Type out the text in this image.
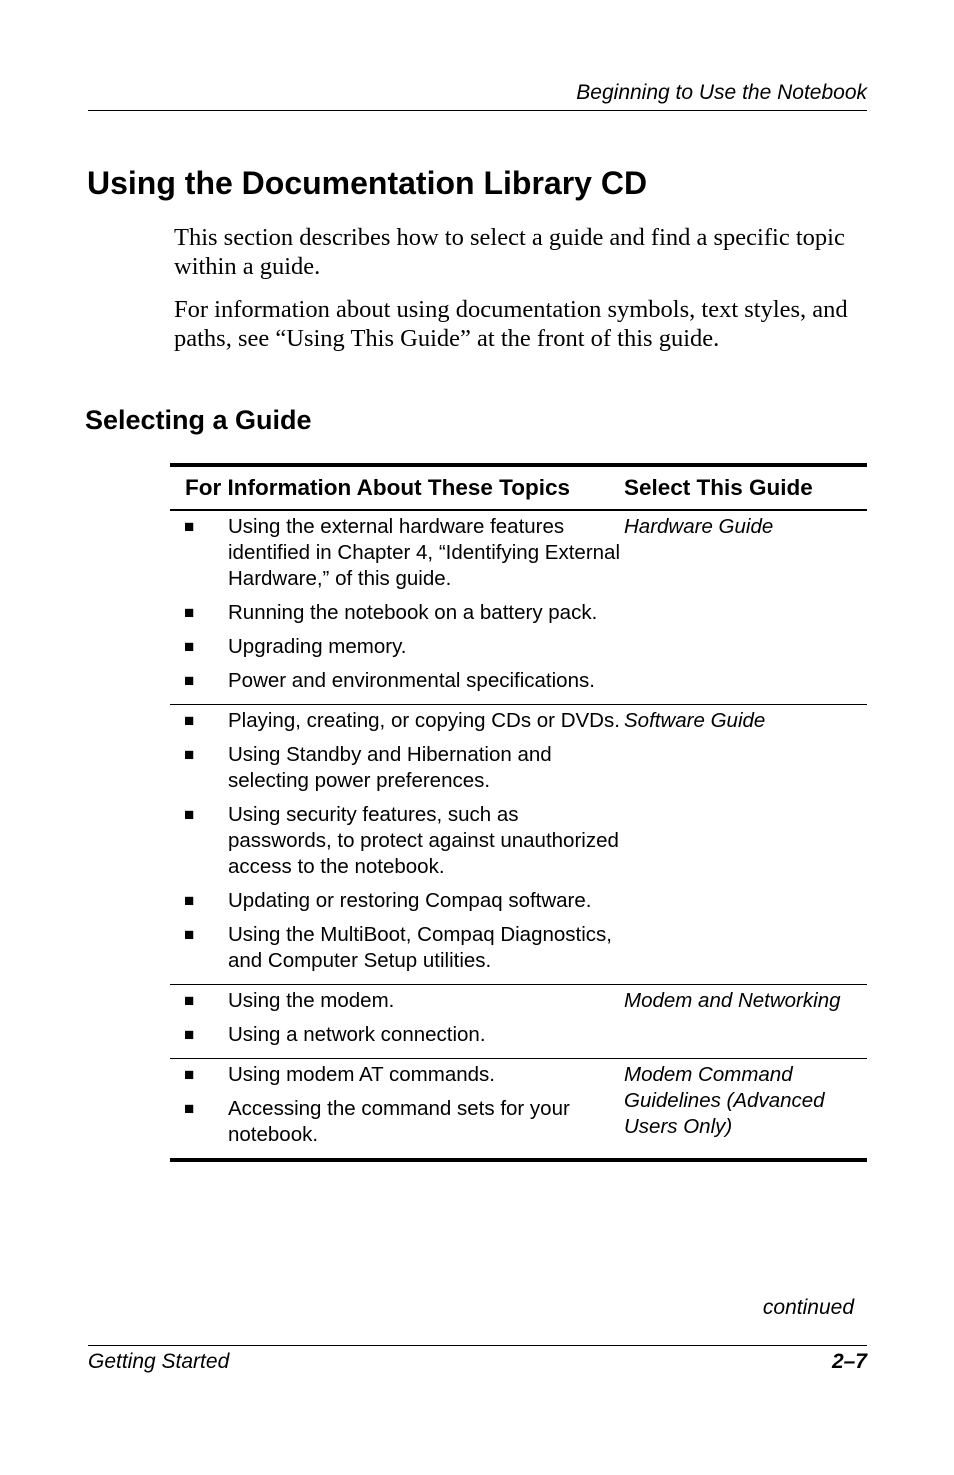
Beginning to Use the Notebook
Using the Documentation Library CD

This section describes how to select a guide and find a specific topic within a guide.

For information about using documentation symbols, text styles, and paths, see “Using This Guide” at the front of this guide.

Selecting a Guide
For Information About These Topics	Select This Guide
■	Using the external hardware features identified in Chapter 4, “Identifying External Hardware,” of this guide.
■	Running the notebook on a battery pack.
■	Upgrading memory.
■	Power and environmental specifications.
Hardware Guide
■	Playing, creating, or copying CDs or DVDs.
■	Using Standby and Hibernation and selecting power preferences.
■	Using security features, such as passwords, to protect against unauthorized access to the notebook.
■	Updating or restoring Compaq software.
■	Using the MultiBoot, Compaq Diagnostics, and Computer Setup utilities.
Software Guide
■	Using the modem.
■	Using a network connection.
Modem and Networking
■	Using modem AT commands.
■	Accessing the command sets for your notebook.
Modem Command Guidelines (Advanced Users Only)
continued
Getting Started	2–7
